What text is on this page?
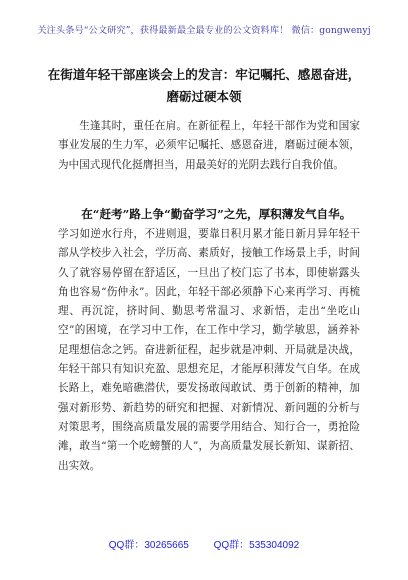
关注头条号“公文研究”，获得最新最全最专业的公文资料库！ 微信：gongwenyj
在街道年轻干部座谈会上的发言：牢记嘱托、感恩奋进，
磨砺过硬本领
生逢其时，重任在肩。在新征程上，年轻干部作为党和国家事业发展的生力军，必须牢记嘱托、感恩奋进，磨砺过硬本领，为中国式现代化挺膺担当，用最美好的光阴去践行自我价值。
在“赶考”路上争“勤奋学习”之先，厚积薄发气自华。
学习如逆水行舟，不进则退，要靠日积月累才能日新月异年轻干部从学校步入社会，学历高、素质好，接触工作场景上手，时间久了就容易停留在舒适区，一旦出了校门忘了书本，即使崭露头角也容易“伤仲永”。因此，年轻干部必须静下心来再学习、再梳理、再沉淀，挤时间、勤思考常温习、求新悟，走出“坐吃山空”的困境，在学习中工作，在工作中学习，勤学敏思，涵养补足理想信念之钙。奋进新征程，起步就是冲刺、开局就是决战，年轻干部只有知识充盈、思想充足，才能厚积薄发气自华。在成长路上，难免暗礁潜伏，要发扬敢闯敢试、勇于创新的精神，加强对新形势、新趋势的研究和把握、对新情况、新问题的分析与对策思考，围绕高质量发展的需要学用结合、知行合一，勇抢险滩，敢当“第一个吃螃蟹的人”，为高质量发展长新知、谋新招、出实效。
QQ群：30265665 QQ群：535304092
